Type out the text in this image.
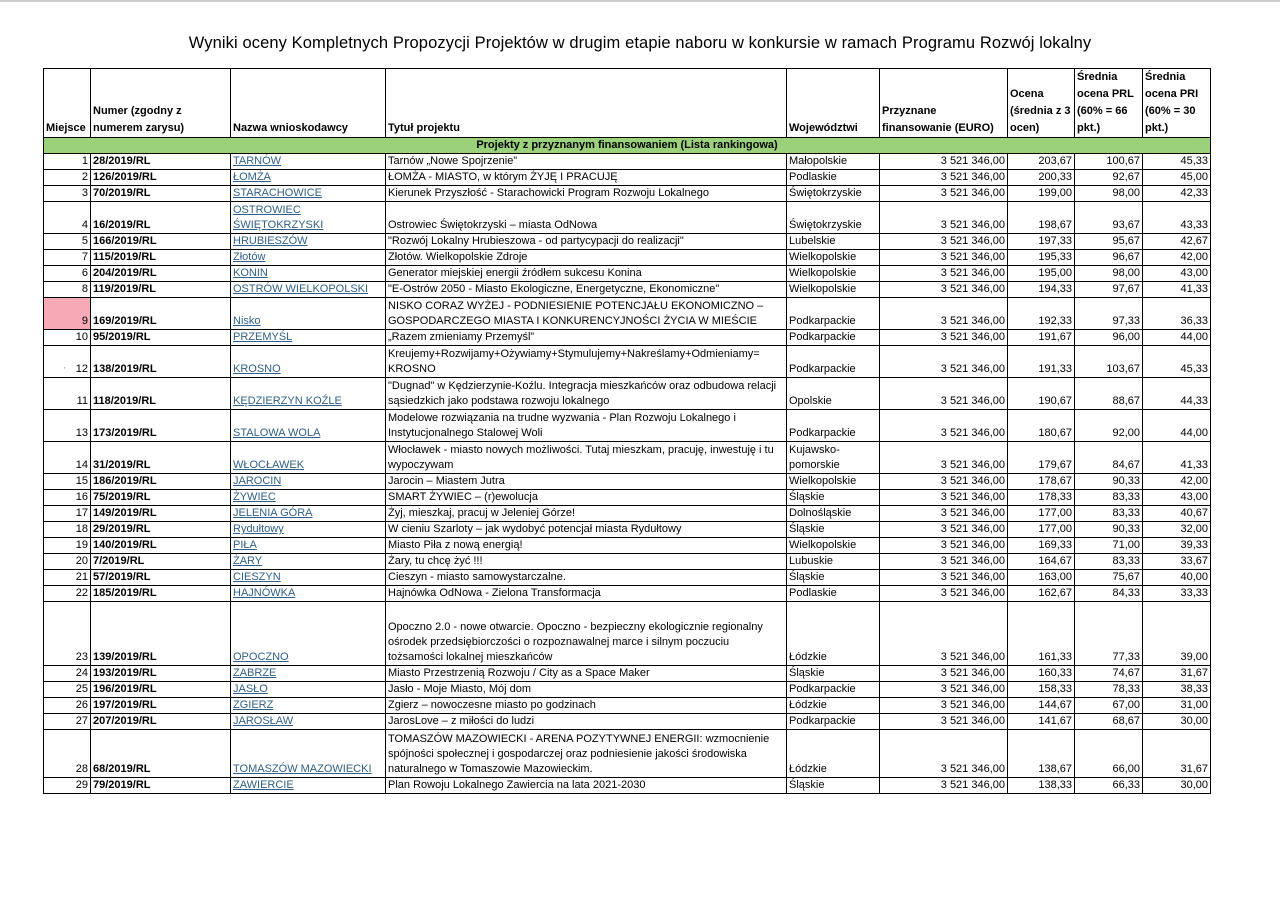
Wyniki oceny Kompletnych Propozycji Projektów w drugim etapie naboru w konkursie w ramach Programu Rozwój lokalny
Miejsce	Numer (zgodny z numerem zarysu)	Nazwa wnioskodawcy	Tytuł projektu	Województwi	Przyznane finansowanie (EURO)	Ocena (średnia z 3 ocen)	Średnia ocena PRL (60% = 66 pkt.)	Średnia ocena PRI (60% = 30 pkt.)
Projekty z przyznanym finansowaniem (Lista rankingowa)								
1	28/2019/RL	TARNÓW	Tarnów „Nowe Spojrzenie”	Małopolskie	3 521 346,00	203,67	100,67	45,33
2	126/2019/RL	ŁOMŻA	ŁOMŻA - MIASTO, w którym ŻYJĘ I PRACUJĘ	Podlaskie	3 521 346,00	200,33	92,67	45,00
3	70/2019/RL	STARACHOWICE	Kierunek Przyszłość - Starachowicki Program Rozwoju Lokalnego	Świętokrzyskie	3 521 346,00	199,00	98,00	42,33
4	16/2019/RL	OSTROWIEC ŚWIĘTOKRZYSKI	Ostrowiec Świętokrzyski – miasta OdNowa	Świętokrzyskie	3 521 346,00	198,67	93,67	43,33
5	166/2019/RL	HRUBIESZÓW	"Rozwój Lokalny Hrubieszowa - od partycypacji do realizacji"	Lubelskie	3 521 346,00	197,33	95,67	42,67
7	115/2019/RL	Złotów	Złotów. Wielkopolskie Zdroje	Wielkopolskie	3 521 346,00	195,33	96,67	42,00
6	204/2019/RL	KONIN	Generator miejskiej energii źródłem sukcesu Konina	Wielkopolskie	3 521 346,00	195,00	98,00	43,00
8	119/2019/RL	OSTRÓW WIELKOPOLSKI	"E-Ostrów 2050 - Miasto Ekologiczne, Energetyczne, Ekonomiczne"	Wielkopolskie	3 521 346,00	194,33	97,67	41,33
9	169/2019/RL	Nisko	NISKO CORAZ WYŻEJ - PODNIESIENIE POTENCJAŁU EKONOMICZNO – GOSPODARCZEGO MIASTA I KONKURENCYJNOŚCI ŻYCIA W MIEŚCIE	Podkarpackie	3 521 346,00	192,33	97,33	36,33
10	95/2019/RL	PRZEMYŚL	„Razem zmieniamy Przemyśl”	Podkarpackie	3 521 346,00	191,67	96,00	44,00
12	138/2019/RL	KROSNO	Kreujemy+Rozwijamy+Ożywiamy+Stymulujemy+Nakreślamy+Odmieniamy= KROSNO	Podkarpackie	3 521 346,00	191,33	103,67	45,33
11	118/2019/RL	KĘDZIERZYN KOŹLE	"Dugnad" w Kędzierzynie-Koźlu. Integracja mieszkańców oraz odbudowa relacji sąsiedzkich jako podstawa rozwoju lokalnego	Opolskie	3 521 346,00	190,67	88,67	44,33
13	173/2019/RL	STALOWA WOLA	Modelowe rozwiązania na trudne wyzwania - Plan Rozwoju Lokalnego i Instytucjonalnego Stalowej Woli	Podkarpackie	3 521 346,00	180,67	92,00	44,00
14	31/2019/RL	WŁOCŁAWEK	Włocławek - miasto nowych możliwości. Tutaj mieszkam, pracuję, inwestuję i tu wypoczywam	Kujawsko-pomorskie	3 521 346,00	179,67	84,67	41,33
15	186/2019/RL	JAROCIN	Jarocin – Miastem Jutra	Wielkopolskie	3 521 346,00	178,67	90,33	42,00
16	75/2019/RL	ŻYWIEC	SMART ŻYWIEC – (r)ewolucja	Śląskie	3 521 346,00	178,33	83,33	43,00
17	149/2019/RL	JELENIA GÓRA	Żyj, mieszkaj, pracuj w Jeleniej Górze!	Dolnośląskie	3 521 346,00	177,00	83,33	40,67
18	29/2019/RL	Rydułtowy	W cieniu Szarloty – jak wydobyć potencjał miasta Rydułtowy	Śląskie	3 521 346,00	177,00	90,33	32,00
19	140/2019/RL	PIŁA	Miasto Piła z nową energią!	Wielkopolskie	3 521 346,00	169,33	71,00	39,33
20	7/2019/RL	ŻARY	Żary, tu chcę żyć !!!	Lubuskie	3 521 346,00	164,67	83,33	33,67
21	57/2019/RL	CIESZYN	Cieszyn - miasto samowystarczalne.	Śląskie	3 521 346,00	163,00	75,67	40,00
22	185/2019/RL	HAJNÓWKA	Hajnówka OdNowa - Zielona Transformacja	Podlaskie	3 521 346,00	162,67	84,33	33,33
23	139/2019/RL	OPOCZNO	Opoczno 2.0 - nowe otwarcie. Opoczno - bezpieczny ekologicznie regionalny ośrodek przedsiębiorczości o rozpoznawalnej marce i silnym poczuciu tożsamości lokalnej mieszkańców	Łódzkie	3 521 346,00	161,33	77,33	39,00
24	193/2019/RL	ZABRZE	Miasto Przestrzenią Rozwoju / City as a Space Maker	Śląskie	3 521 346,00	160,33	74,67	31,67
25	196/2019/RL	JASŁO	Jasło - Moje Miasto, Mój dom	Podkarpackie	3 521 346,00	158,33	78,33	38,33
26	197/2019/RL	ZGIERZ	Zgierz – nowoczesne miasto po godzinach	Łódzkie	3 521 346,00	144,67	67,00	31,00
27	207/2019/RL	JAROSŁAW	JarosLove – z miłości do ludzi	Podkarpackie	3 521 346,00	141,67	68,67	30,00
28	68/2019/RL	TOMASZÓW MAZOWIECKI	TOMASZÓW MAZOWIECKI - ARENA POZYTYWNEJ ENERGII: wzmocnienie spójności społecznej i gospodarczej oraz podniesienie jakości środowiska naturalnego w Tomaszowie Mazowieckim.	Łódzkie	3 521 346,00	138,67	66,00	31,67
29	79/2019/RL	ZAWIERCIE	Plan Rowoju Lokalnego Zawiercia na lata 2021-2030	Śląskie	3 521 346,00	138,33	66,33	30,00
'
